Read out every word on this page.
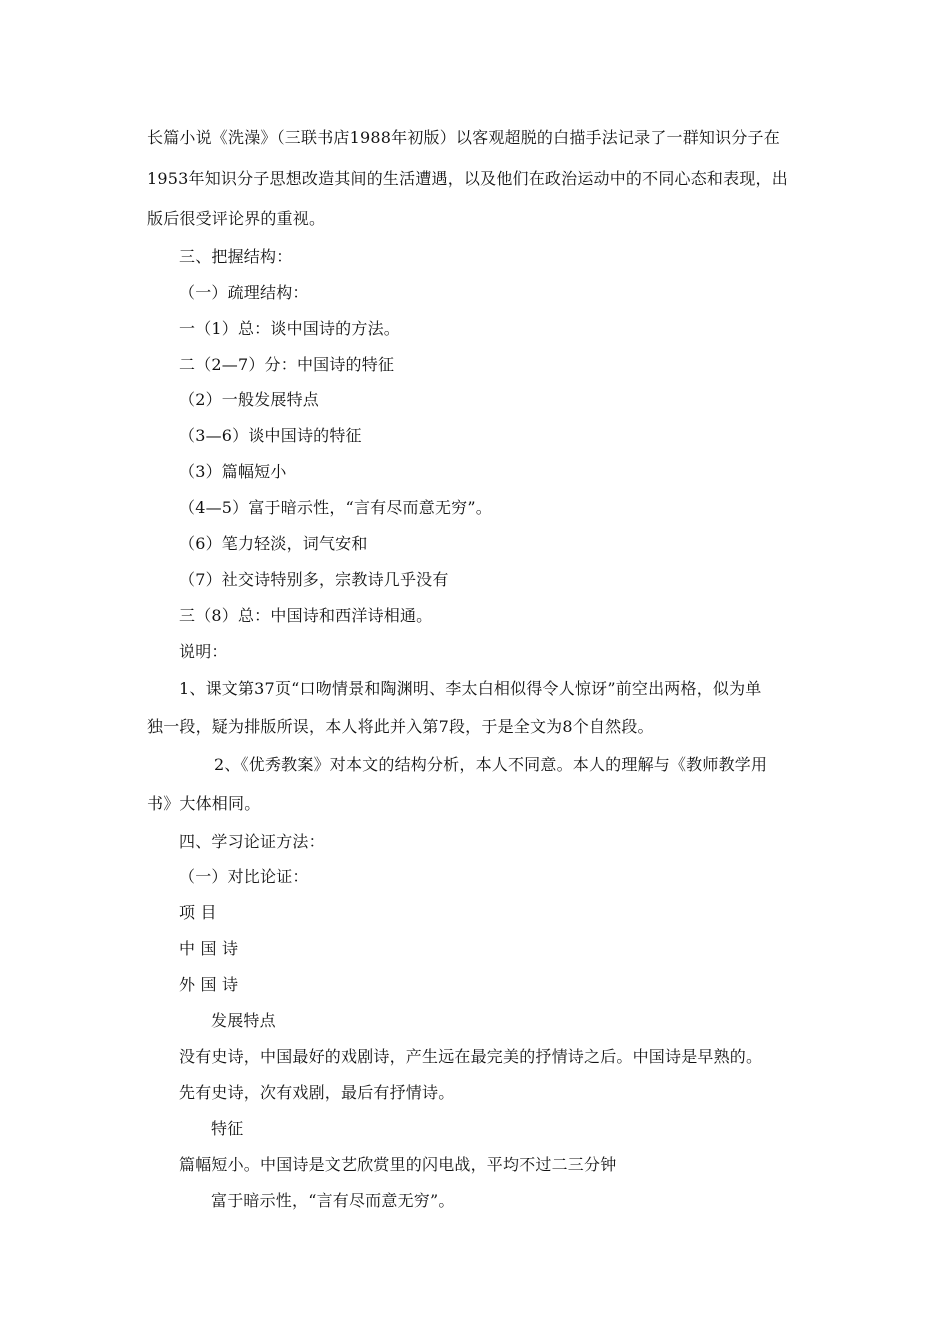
长篇小说《洗澡》（三联书店1988年初版）以客观超脱的白描手法记录了一群知识分子在
1953年知识分子思想改造其间的生活遭遇，以及他们在政治运动中的不同心态和表现，出
版后很受评论界的重视。
三、把握结构：
（一）疏理结构：
一（1）总：谈中国诗的方法。
二（2—7）分：中国诗的特征
（2）一般发展特点
（3—6）谈中国诗的特征
（3）篇幅短小
（4—5）富于暗示性，“言有尽而意无穷”。
（6）笔力轻淡，词气安和
（7）社交诗特别多，宗教诗几乎没有
三（8）总：中国诗和西洋诗相通。
说明：
1、课文第37页“口吻情景和陶渊明、李太白相似得令人惊讶”前空出两格，似为单
独一段，疑为排版所误，本人将此并入第7段，于是全文为8个自然段。
2、《优秀教案》对本文的结构分析，本人不同意。本人的理解与《教师教学用
书》大体相同。
四、学习论证方法：
（一）对比论证：
项 目
中 国 诗
外 国 诗
发展特点
没有史诗，中国最好的戏剧诗，产生远在最完美的抒情诗之后。中国诗是早熟的。
先有史诗，次有戏剧，最后有抒情诗。
特征
篇幅短小。中国诗是文艺欣赏里的闪电战，平均不过二三分钟
富于暗示性，“言有尽而意无穷”。
